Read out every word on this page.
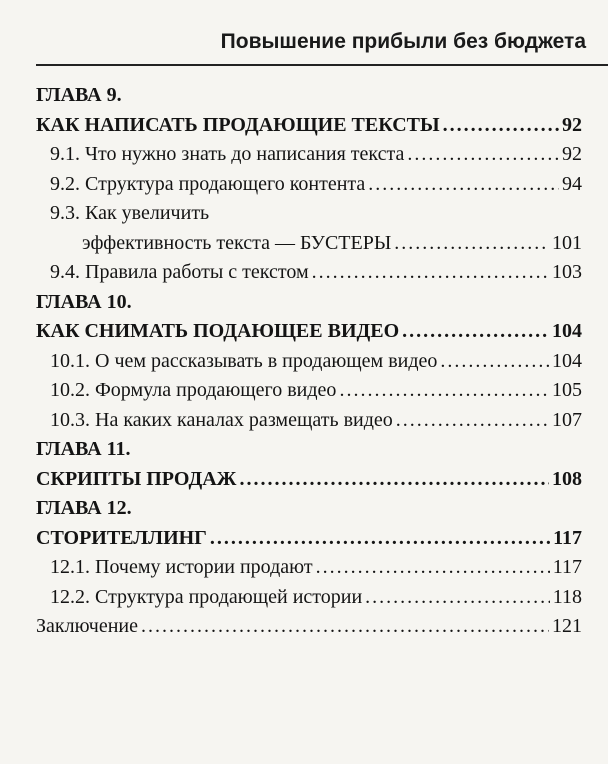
Повышение прибыли без бюджета
ГЛАВА 9.
КАК НАПИСАТЬ ПРОДАЮЩИЕ ТЕКСТЫ .....	92
9.1. Что нужно знать до написания текста .....	92
9.2. Структура продающего контента .....	94
9.3. Как увеличить
эффективность текста — БУСТЕРЫ .....	101
9.4. Правила работы с текстом .....	103
ГЛАВА 10.
КАК СНИМАТЬ ПОДАЮЩЕЕ ВИДЕО .....	104
10.1. О чем рассказывать в продающем видео .....	104
10.2. Формула продающего видео .....	105
10.3. На каких каналах размещать видео .....	107
ГЛАВА 11.
СКРИПТЫ ПРОДАЖ .....	108
ГЛАВА 12.
СТОРИТЕЛЛИНГ .....	117
12.1. Почему истории продают .....	117
12.2. Структура продающей истории .....	118
Заключение .....	121
